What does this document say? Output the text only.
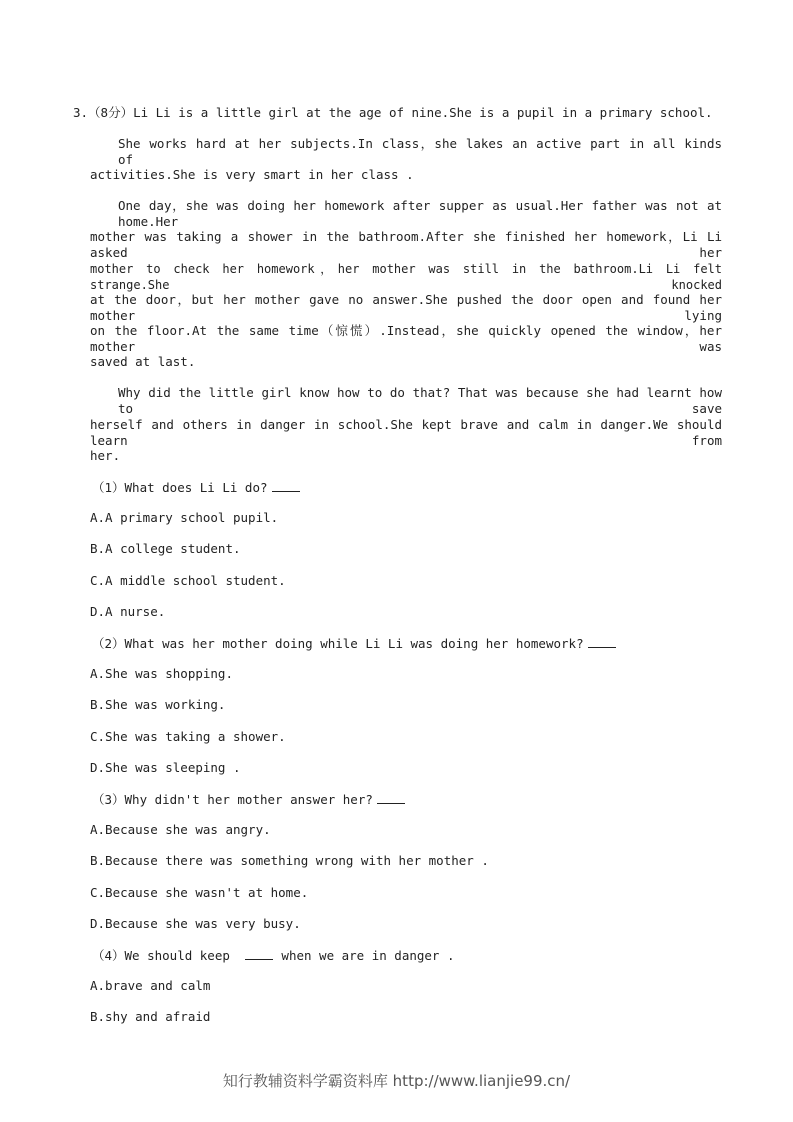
3.（8分）Li Li is a little girl at the age of nine.She is a pupil in a primary school.
She works hard at her subjects.In class，she lakes an active part in all kinds of
activities.She is very smart in her class .
One day，she was doing her homework after supper as usual.Her father was not at home.Her
mother was taking a shower in the bathroom.After she finished her homework，Li Li asked her
mother to check her homework，her mother was still in the bathroom.Li Li felt strange.She knocked
at the door，but her mother gave no answer.She pushed the door open and found her mother lying
on the floor.At the same time（惊慌）.Instead，she quickly opened the window，her mother was
saved at last.
Why did the little girl know how to do that? That was because she had learnt how to save
herself and others in danger in school.She kept brave and calm in danger.We should learn from
her.
（1）What does Li Li do?
A.A primary school pupil.
B.A college student.
C.A middle school student.
D.A nurse.
（2）What was her mother doing while Li Li was doing her homework?
A.She was shopping.
B.She was working.
C.She was taking a shower.
D.She was sleeping .
（3）Why didn't her mother answer her?
A.Because she was angry.
B.Because there was something wrong with her mother .
C.Because she wasn't at home.
D.Because she was very busy.
（4）We should keep	when we are in danger .
A.brave and calm
B.shy and afraid
知行教辅资料学霸资料库 http://www.lianjie99.cn/
